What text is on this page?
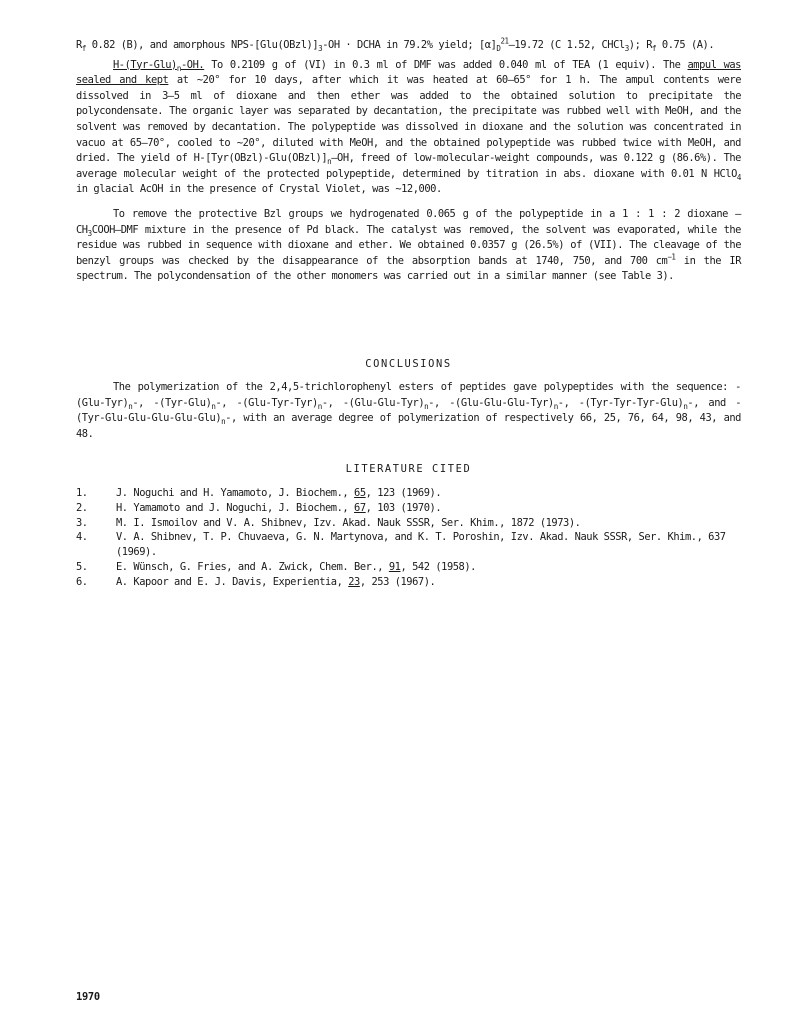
$R_f$ 0.82 (B), and amorphous NPS-$[Glu(OBzl)]_3-OH$ · DCHA in 79.2% yield; $[\alpha]_D^{21}-19.72$ (C 1.52, CHCl$_3$); $R_f$ 0.75 (A).

$H-(Tyr-Glu)_n-OH$. To 0.2109 g of (VI) in 0.3 ml of DMF was added 0.040 ml of TEA (1 equiv). The ampul was sealed and kept at ~20° for 10 days, after which it was heated at 60–65° for 1 h. The ampul contents were dissolved in 3–5 ml of dioxane and then ether was added to the obtained solution to precipitate the polycondensate. The organic layer was separated by decantation, the precipitate was rubbed well with MeOH, and the solvent was removed by decantation. The polypeptide was dissolved in dioxane and the solution was concentrated in vacuo at 65–70°, cooled to ~20°, diluted with MeOH, and the obtained polypeptide was rubbed twice with MeOH, and dried. The yield of $H-[Tyr(OBzl)-Glu(OBzl)]_n-OH$, freed of low-molecular-weight compounds, was 0.122 g (86.6%). The average molecular weight of the protected polypeptide, determined by titration in abs. dioxane with 0.01 N HClO$_4$ in glacial AcOH in the presence of Crystal Violet, was ~12,000.

To remove the protective Bzl groups we hydrogenated 0.065 g of the polypeptide in a 1 : 1 : 2 dioxane $—CH_3COOH—DMF$ mixture in the presence of Pd black. The catalyst was removed, the solvent was evaporated, while the residue was rubbed in sequence with dioxane and ether. We obtained 0.0357 g (26.5%) of (VII). The cleavage of the benzyl groups was checked by the disappearance of the absorption bands at 1740, 750, and 700 $cm^{-1}$ in the IR spectrum. The polycondensation of the other monomers was carried out in a similar manner (see Table 3).

CONCLUSIONS

The polymerization of the 2,4,5-trichlorophenyl esters of peptides gave polypeptides with the sequence: $-(Glu-Tyr)_n-$, $-(Tyr-Glu)_n-$, $-(Glu-Tyr-Tyr)_n-$, $-(Glu-Glu-Tyr)_n-$, $-(Glu-Glu-Glu-Tyr)_n-$, $-(Tyr-Tyr-Tyr-Glu)_n-$, and $-(Tyr-Glu-Glu-Glu-Glu-Glu)_n-$, with an average degree of polymerization of respectively 66, 25, 76, 64, 98, 43, and 48.

LITERATURE CITED
1.	J. Noguchi and H. Yamamoto, J. Biochem., 65, 123 (1969).
2.	H. Yamamoto and J. Noguchi, J. Biochem., 67, 103 (1970).
3.	M. I. Ismoilov and V. A. Shibnev, Izv. Akad. Nauk SSSR, Ser. Khim., 1872 (1973).
4.	V. A. Shibnev, T. P. Chuvaeva, G. N. Martynova, and K. T. Poroshin, Izv. Akad. Nauk SSSR, Ser. Khim., 637 (1969).
5.	E. Wünsch, G. Fries, and A. Zwick, Chem. Ber., 91, 542 (1958).
6.	A. Kapoor and E. J. Davis, Experientia, 23, 253 (1967).
1970
